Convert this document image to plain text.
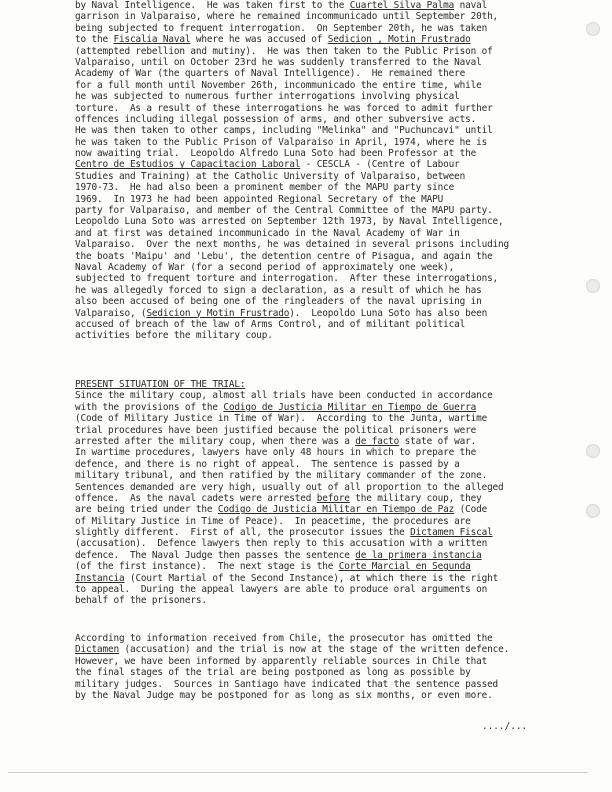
by Naval Intelligence.  He was taken first to the Cuartel Silva Palma naval
garrison in Valparaiso, where he remained incommunicado until September 20th,
being subjected to frequent interrogation.  On September 20th, he was taken
to the Fiscalia Naval where he was accused of Sedicion , Motin Frustrado
(attempted rebellion and mutiny).  He was then taken to the Public Prison of
Valparaiso, until on October 23rd he was suddenly transferred to the Naval
Academy of War (the quarters of Naval Intelligence).  He remained there
for a full month until November 26th, incommunicado the entire time, while
he was subjected to numerous further interrogations involving physical
torture.  As a result of these interrogations he was forced to admit further
offences including illegal possession of arms, and other subversive acts.
He was then taken to other camps, including "Melinka" and "Puchuncavi" until
he was taken to the Public Prison of Valparaiso in April, 1974, where he is
now awaiting trial.  Leopoldo Alfredo Luna Soto had been Professor at the
Centro de Estudios y Capacitacion Laboral - CESCLA - (Centre of Labour
Studies and Training) at the Catholic University of Valparaiso, between
1970-73.  He had also been a prominent member of the MAPU party since
1969.  In 1973 he had been appointed Regional Secretary of the MAPU
party for Valparaiso, and member of the Central Committee of the MAPU party.
Leopoldo Luna Soto was arrested on September 12th 1973, by Naval Intelligence,
and at first was detained incommunicado in the Naval Academy of War in
Valparaiso.  Over the next months, he was detained in several prisons including
the boats 'Maipu' and 'Lebu', the detention centre of Pisagua, and again the
Naval Academy of War (for a second period of approximately one week),
subjected to frequent torture and interrogation.  After these interrogations,
he was allegedly forced to sign a declaration, as a result of which he has
also been accused of being one of the ringleaders of the naval uprising in
Valparaiso, (Sedicion y Motin Frustrado).  Leopoldo Luna Soto has also been
accused of breach of the law of Arms Control, and of militant political
activities before the military coup.
PRESENT SITUATION OF THE TRIAL:
Since the military coup, almost all trials have been conducted in accordance
with the provisions of the Codigo de Justicia Militar en Tiempo de Guerra
(Code of Military Justice in Time of War).  According to the Junta, wartime
trial procedures have been justified because the political prisoners were
arrested after the military coup, when there was a de facto state of war.
In wartime procedures, lawyers have only 48 hours in which to prepare the
defence, and there is no right of appeal.  The sentence is passed by a
military tribunal, and then ratified by the military commander of the zone.
Sentences demanded are very high, usually out of all proportion to the alleged
offence.  As the naval cadets were arrested before the military coup, they
are being tried under the Codigo de Justicia Militar en Tiempo de Paz (Code
of Military Justice in Time of Peace).  In peacetime, the procedures are
slightly different.  First of all, the prosecutor issues the Dictamen Fiscal
(accusation).  Defence lawyers then reply to this accusation with a written
defence.  The Naval Judge then passes the sentence de la primera instancia
(of the first instance).  The next stage is the Corte Marcial en Segunda
Instancia (Court Martial of the Second Instance), at which there is the right
to appeal.  During the appeal lawyers are able to produce oral arguments on
behalf of the prisoners.
According to information received from Chile, the prosecutor has omitted the
Dictamen (accusation) and the trial is now at the stage of the written defence.
However, we have been informed by apparently reliable sources in Chile that
the final stages of the trial are being postponed as long as possible by
military judges.  Sources in Santiago have indicated that the sentence passed
by the Naval Judge may be postponed for as long as six months, or even more.
..../...
